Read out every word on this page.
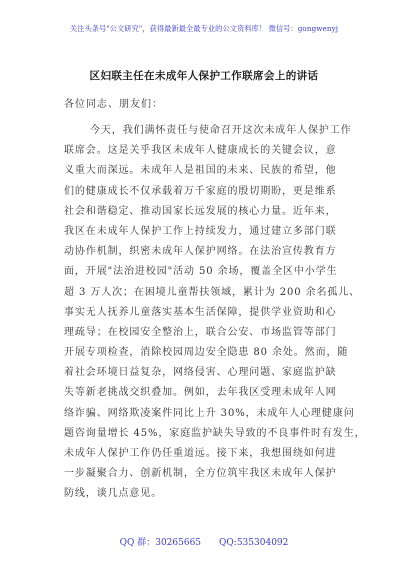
关注头条号"公文研究"，获得最新最全最专业的公文资料库！ 微信号：gongwenyj
区妇联主任在未成年人保护工作联席会上的讲话
各位同志、朋友们：
今天，我们满怀责任与使命召开这次未成年人保护工作
联席会。这是关乎我区未成年人健康成长的关键会议，意
义重大而深远。未成年人是祖国的未来、民族的希望，他
们的健康成长不仅承载着万千家庭的殷切期盼，更是维系
社会和谐稳定、推动国家长远发展的核心力量。近年来，
我区在未成年人保护工作上持续发力，通过建立多部门联
动协作机制，织密未成年人保护网络。在法治宣传教育方
面，开展"法治进校园"活动 50 余场，覆盖全区中小学生
超 3 万人次；在困境儿童帮扶领域，累计为 200 余名孤儿、
事实无人抚养儿童落实基本生活保障，提供学业资助和心
理疏导；在校园安全整治上，联合公安、市场监管等部门
开展专项检查，消除校园周边安全隐患 80 余处。然而，随
着社会环境日益复杂，网络侵害、心理问题、家庭监护缺
失等新老挑战交织叠加。例如，去年我区受理未成年人网
络诈骗、网络欺凌案件同比上升 30%，未成年人心理健康问
题咨询量增长 45%，家庭监护缺失导致的不良事件时有发生，
未成年人保护工作仍任重道远。接下来，我想围绕如何进
一步凝聚合力、创新机制，全方位筑牢我区未成年人保护
防线，谈几点意见。
QQ 群：30265665 QQ:535304092
